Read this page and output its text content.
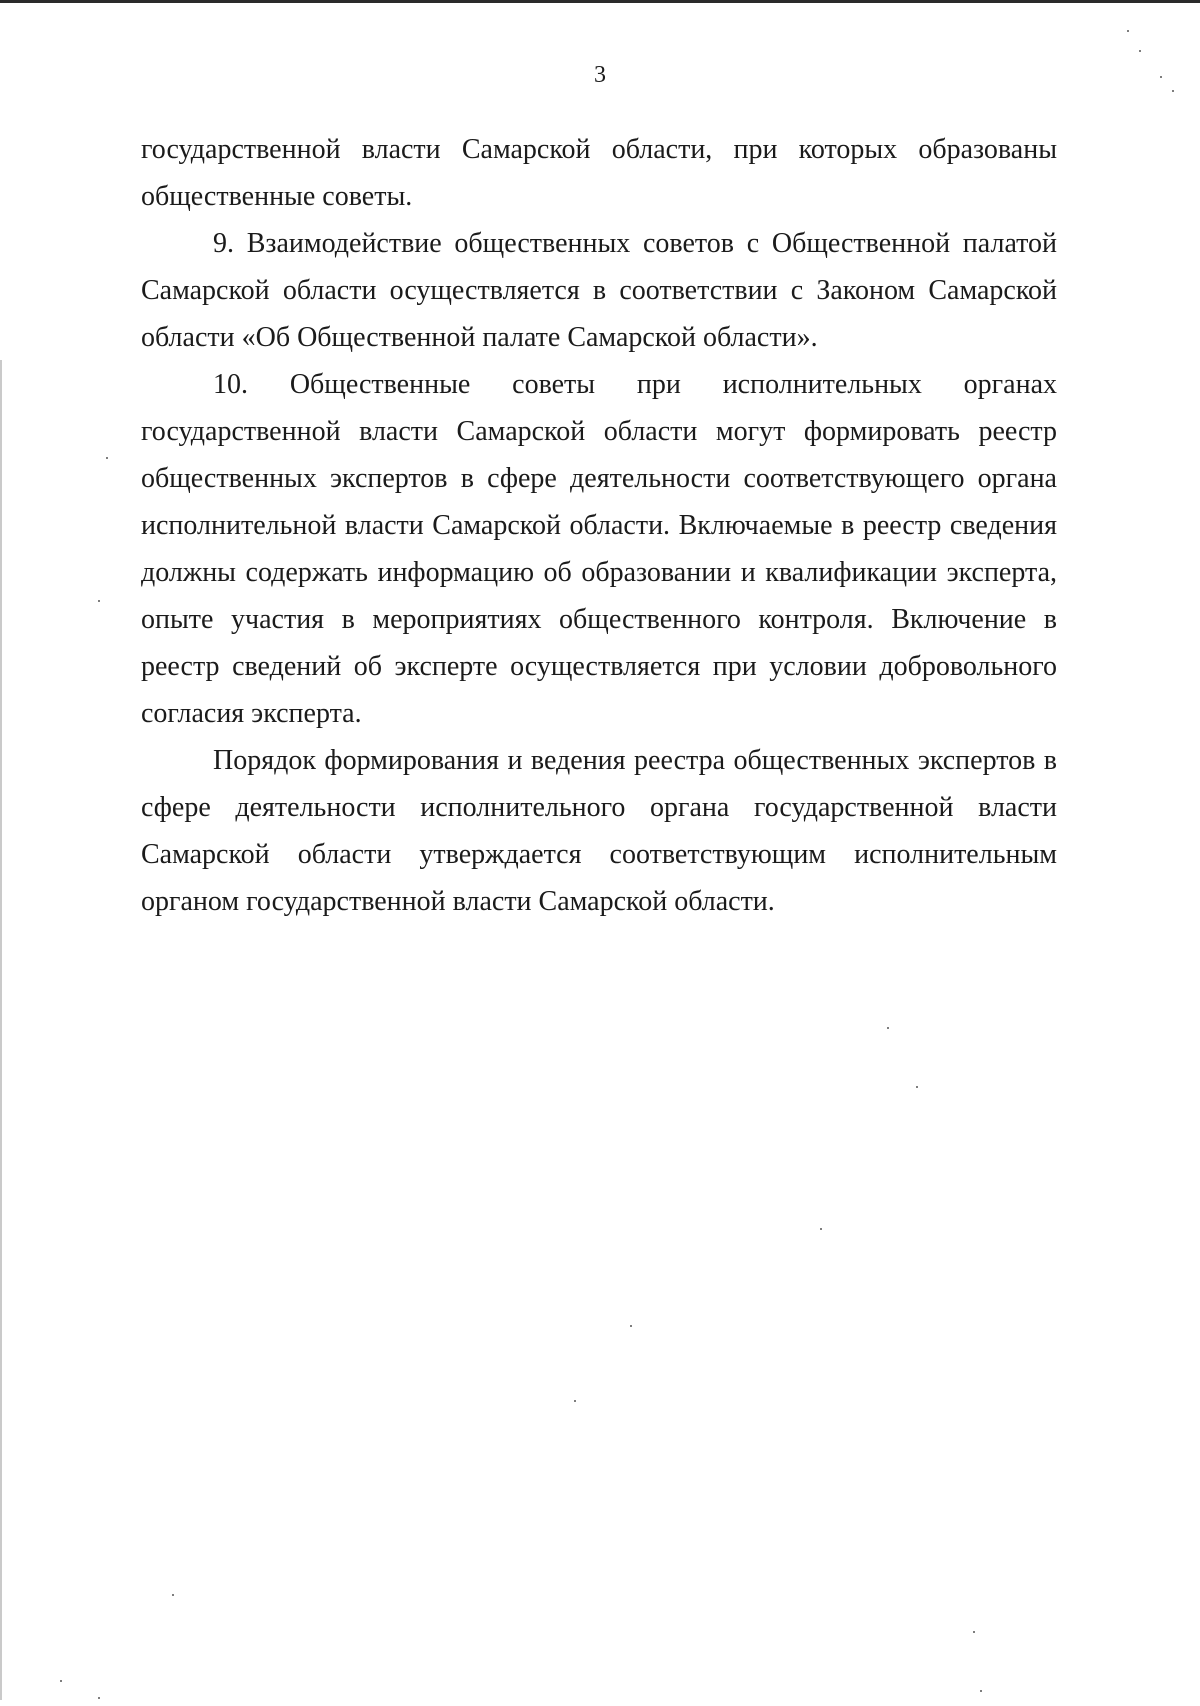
3

государственной власти Самарской области, при которых образованы общественные советы.

9. Взаимодействие общественных советов с Общественной палатой Самарской области осуществляется в соответствии с Законом Самарской области «Об Общественной палате Самарской области».

10. Общественные советы при исполнительных органах государственной власти Самарской области могут формировать реестр общественных экспертов в сфере деятельности соответствующего органа исполнительной власти Самарской области. Включаемые в реестр сведения должны содержать информацию об образовании и квалификации эксперта, опыте участия в мероприятиях общественного контроля. Включение в реестр сведений об эксперте осуществляется при условии добровольного согласия эксперта.

Порядок формирования и ведения реестра общественных экспертов в сфере деятельности исполнительного органа государственной власти Самарской области утверждается соответствующим исполнительным органом государственной власти Самарской области.
